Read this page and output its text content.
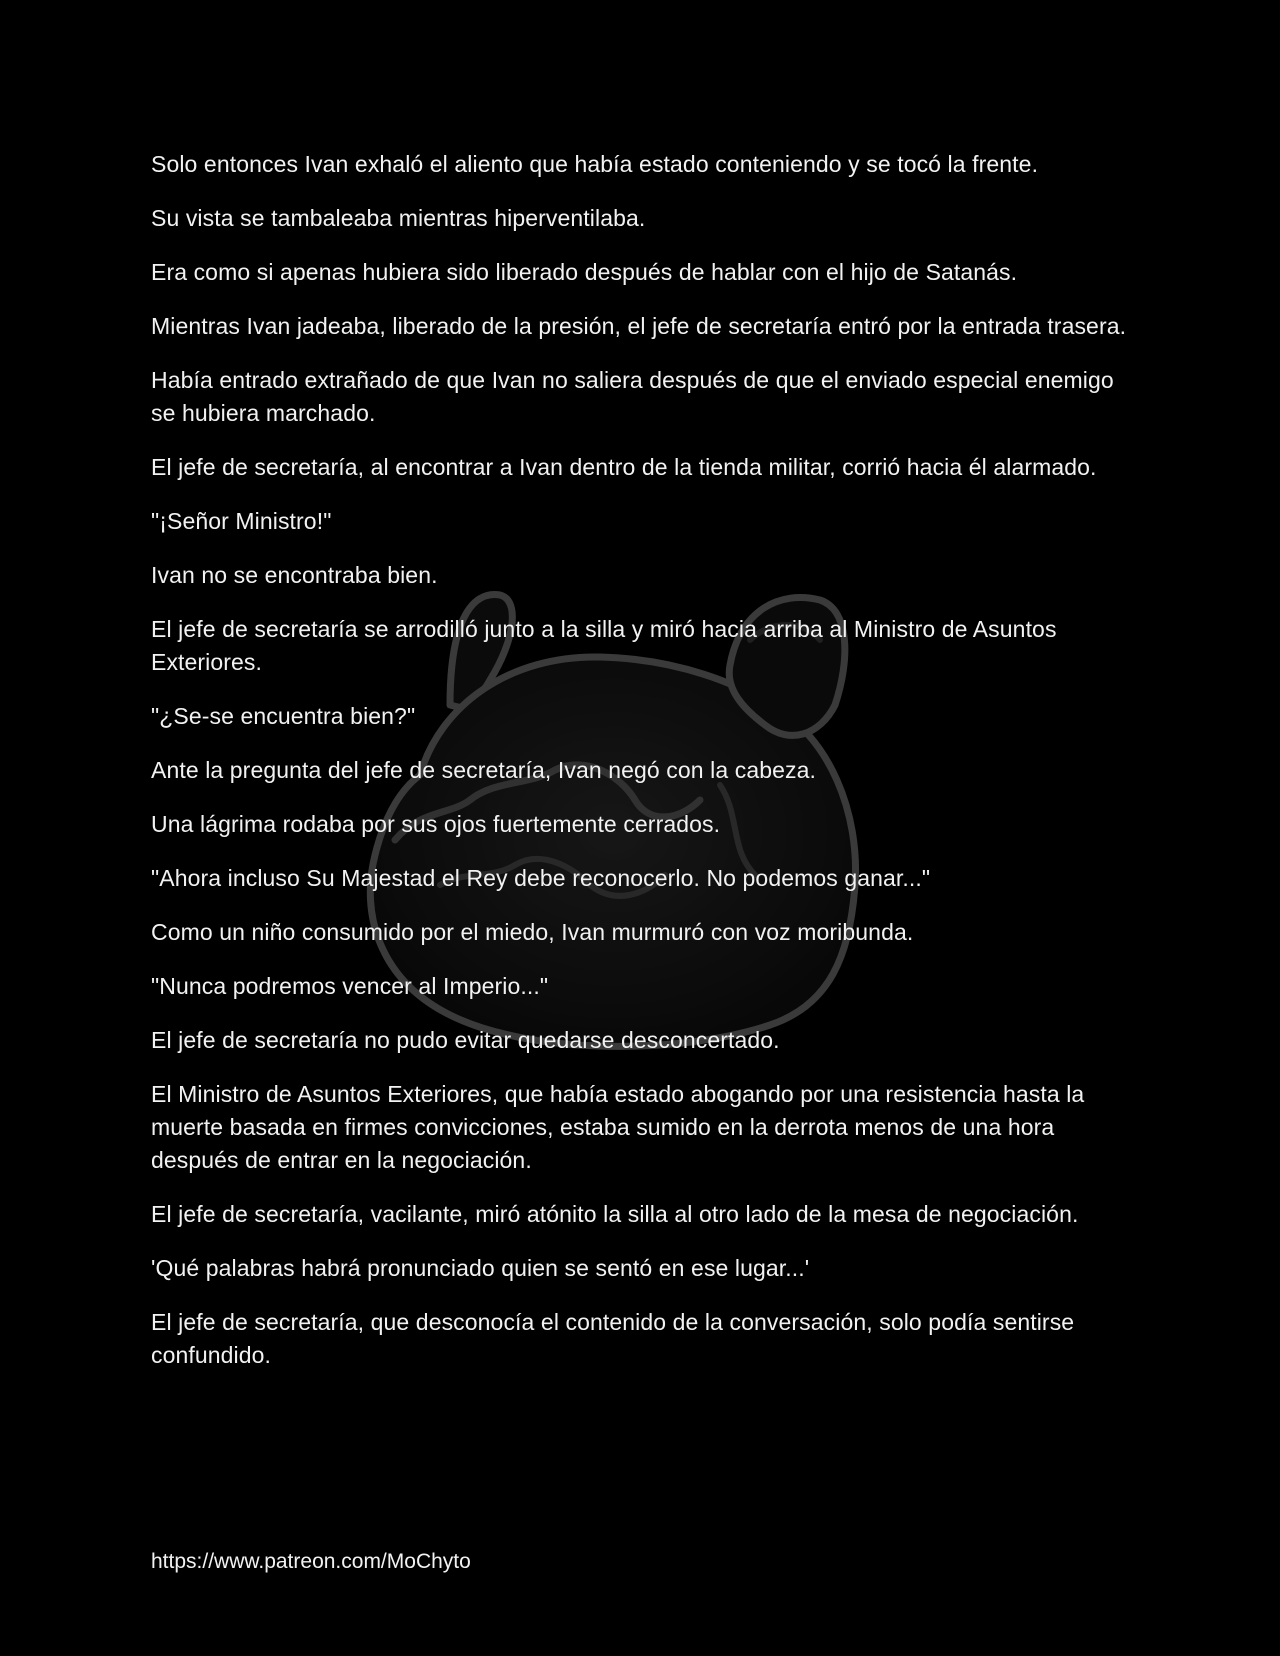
Solo entonces Ivan exhaló el aliento que había estado conteniendo y se tocó la frente.

Su vista se tambaleaba mientras hiperventilaba.

Era como si apenas hubiera sido liberado después de hablar con el hijo de Satanás.

Mientras Ivan jadeaba, liberado de la presión, el jefe de secretaría entró por la entrada trasera.

Había entrado extrañado de que Ivan no saliera después de que el enviado especial enemigo se hubiera marchado.

El jefe de secretaría, al encontrar a Ivan dentro de la tienda militar, corrió hacia él alarmado.

"¡Señor Ministro!"

Ivan no se encontraba bien.

El jefe de secretaría se arrodilló junto a la silla y miró hacia arriba al Ministro de Asuntos Exteriores.

"¿Se-se encuentra bien?"

Ante la pregunta del jefe de secretaría, Ivan negó con la cabeza.

Una lágrima rodaba por sus ojos fuertemente cerrados.

"Ahora incluso Su Majestad el Rey debe reconocerlo. No podemos ganar..."

Como un niño consumido por el miedo, Ivan murmuró con voz moribunda.

"Nunca podremos vencer al Imperio..."

El jefe de secretaría no pudo evitar quedarse desconcertado.

El Ministro de Asuntos Exteriores, que había estado abogando por una resistencia hasta la muerte basada en firmes convicciones, estaba sumido en la derrota menos de una hora después de entrar en la negociación.

El jefe de secretaría, vacilante, miró atónito la silla al otro lado de la mesa de negociación.

'Qué palabras habrá pronunciado quien se sentó en ese lugar...'

El jefe de secretaría, que desconocía el contenido de la conversación, solo podía sentirse confundido.

https://www.patreon.com/MoChyto
